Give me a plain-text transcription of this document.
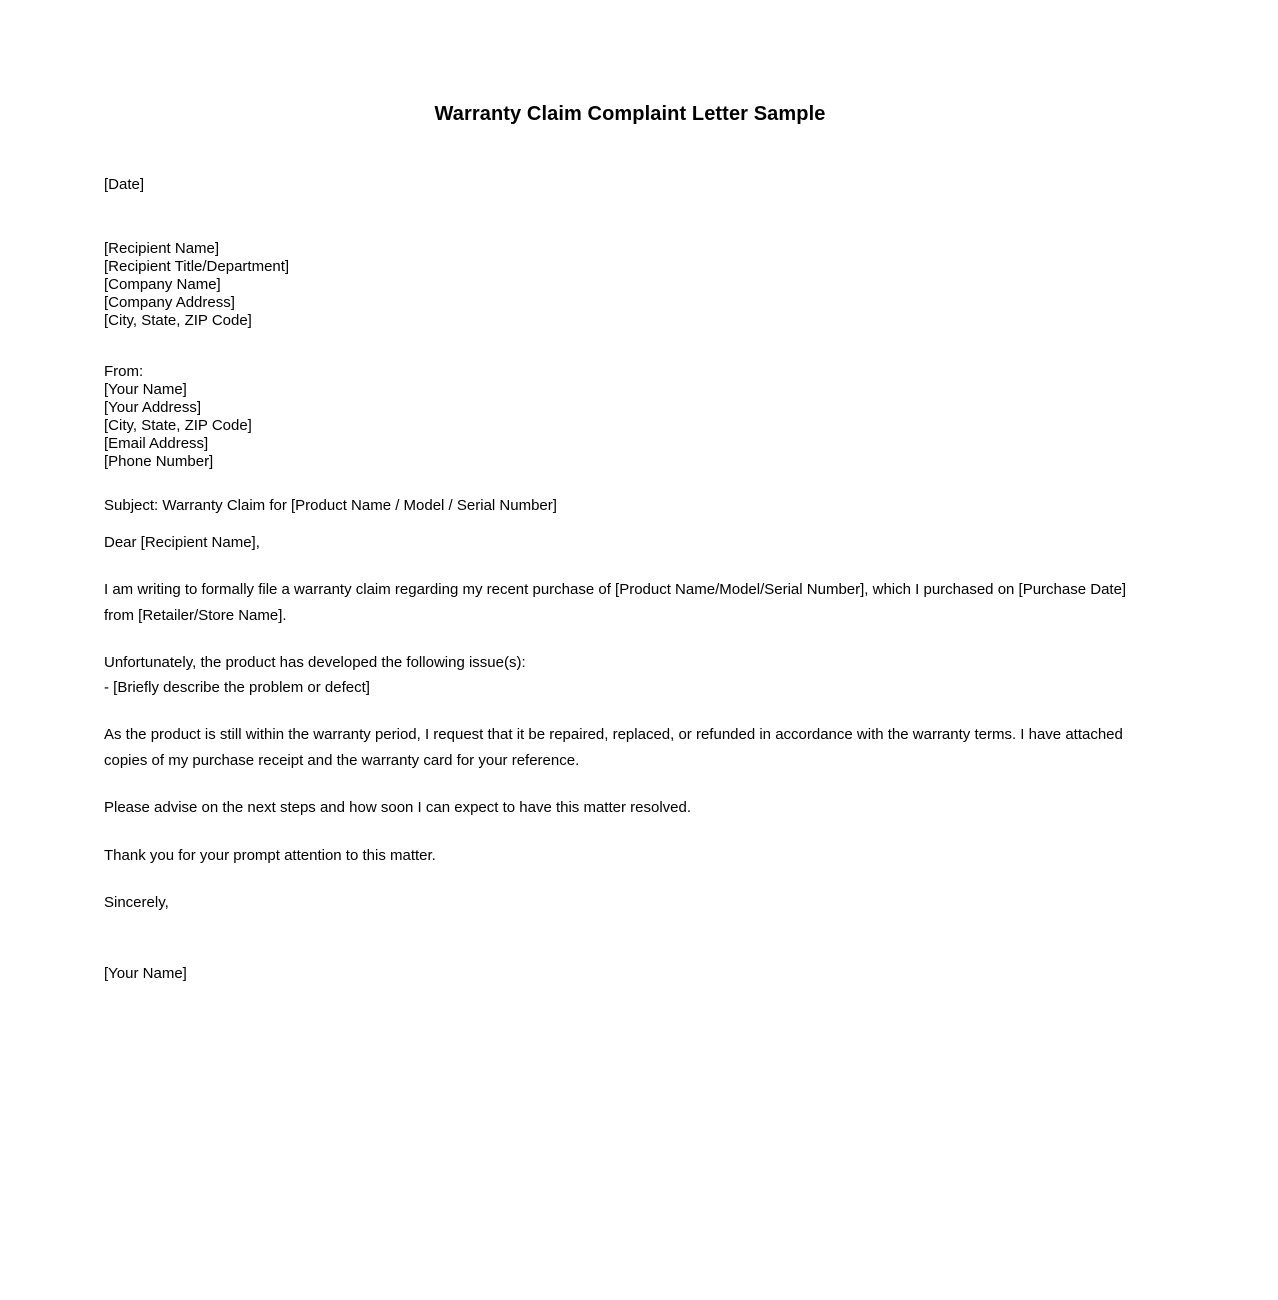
Warranty Claim Complaint Letter Sample
[Date]
[Recipient Name]
[Recipient Title/Department]
[Company Name]
[Company Address]
[City, State, ZIP Code]
From:
[Your Name]
[Your Address]
[City, State, ZIP Code]
[Email Address]
[Phone Number]

Subject: Warranty Claim for [Product Name / Model / Serial Number]

Dear [Recipient Name],

I am writing to formally file a warranty claim regarding my recent purchase of [Product Name/Model/Serial Number], which I purchased on [Purchase Date] from [Retailer/Store Name].

Unfortunately, the product has developed the following issue(s):
- [Briefly describe the problem or defect]

As the product is still within the warranty period, I request that it be repaired, replaced, or refunded in accordance with the warranty terms. I have attached copies of my purchase receipt and the warranty card for your reference.

Please advise on the next steps and how soon I can expect to have this matter resolved.

Thank you for your prompt attention to this matter.

Sincerely,

[Your Name]
